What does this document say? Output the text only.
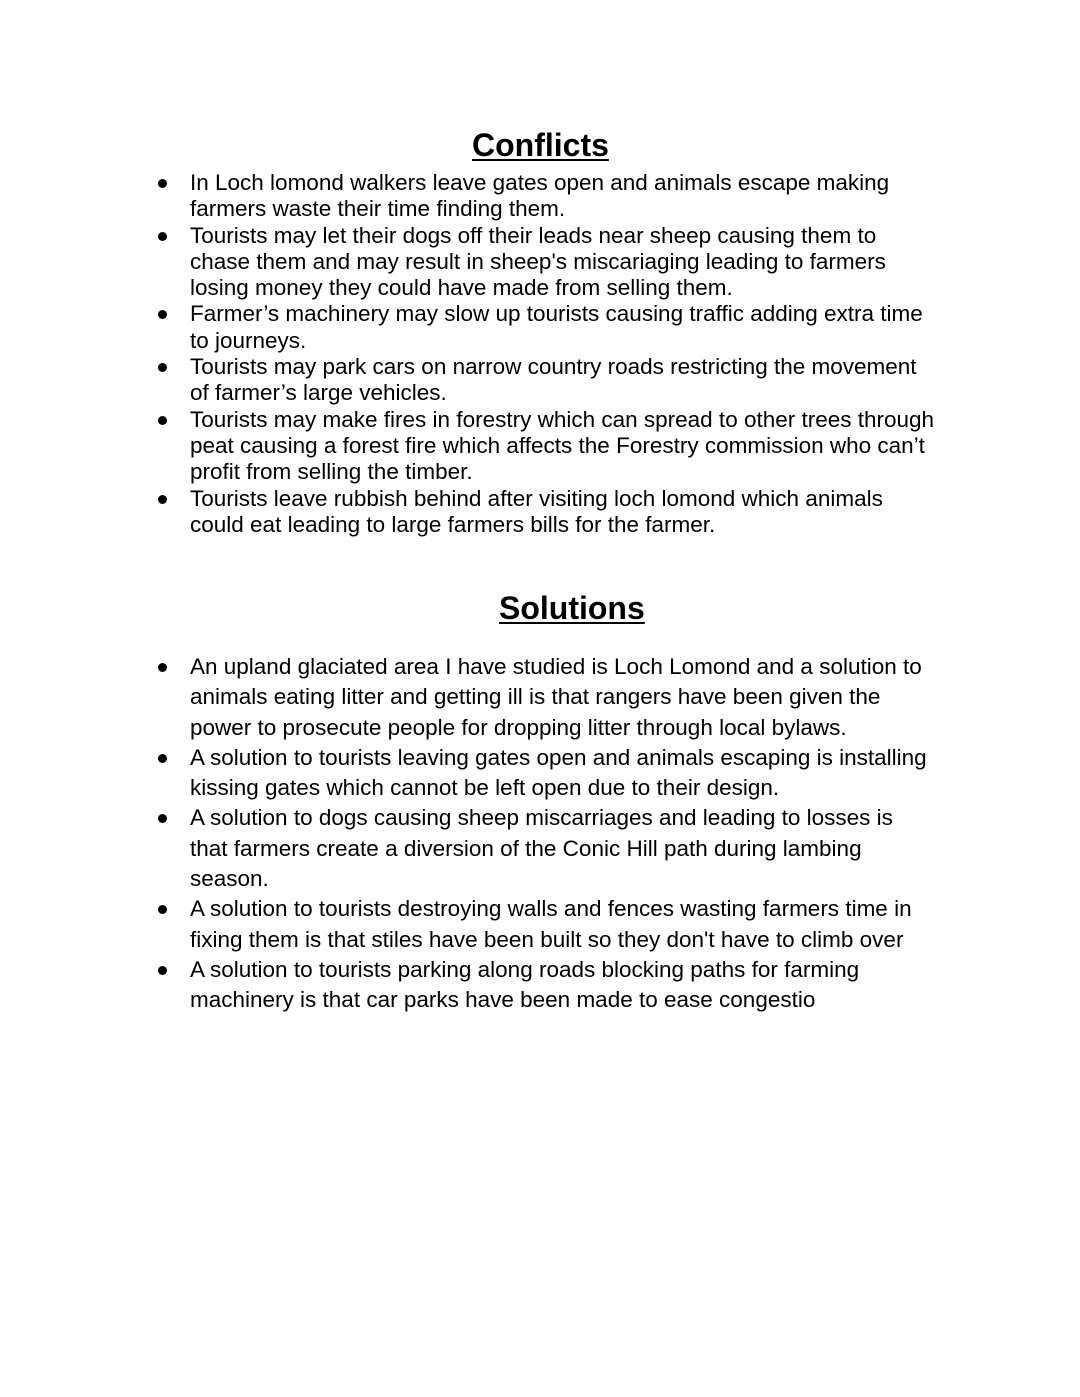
Conflicts
In Loch lomond walkers leave gates open and animals escape making
farmers waste their time finding them.
Tourists may let their dogs off their leads near sheep causing them to
chase them and may result in sheep's miscariaging leading to farmers
losing money they could have made from selling them.
Farmer’s machinery may slow up tourists causing traffic adding extra time
to journeys.
Tourists may park cars on narrow country roads restricting the movement
of farmer’s large vehicles.
Tourists may make fires in forestry which can spread to other trees through
peat causing a forest fire which affects the Forestry commission who can’t
profit from selling the timber.
Tourists leave rubbish behind after visiting loch lomond which animals
could eat leading to large farmers bills for the farmer.
Solutions
An upland glaciated area I have studied is Loch Lomond and a solution to
animals eating litter and getting ill is that rangers have been given the
power to prosecute people for dropping litter through local bylaws.
A solution to tourists leaving gates open and animals escaping is installing
kissing gates which cannot be left open due to their design.
A solution to dogs causing sheep miscarriages and leading to losses is
that farmers create a diversion of the Conic Hill path during lambing
season.
A solution to tourists destroying walls and fences wasting farmers time in
fixing them is that stiles have been built so they don't have to climb over
A solution to tourists parking along roads blocking paths for farming
machinery is that car parks have been made to ease congestio
